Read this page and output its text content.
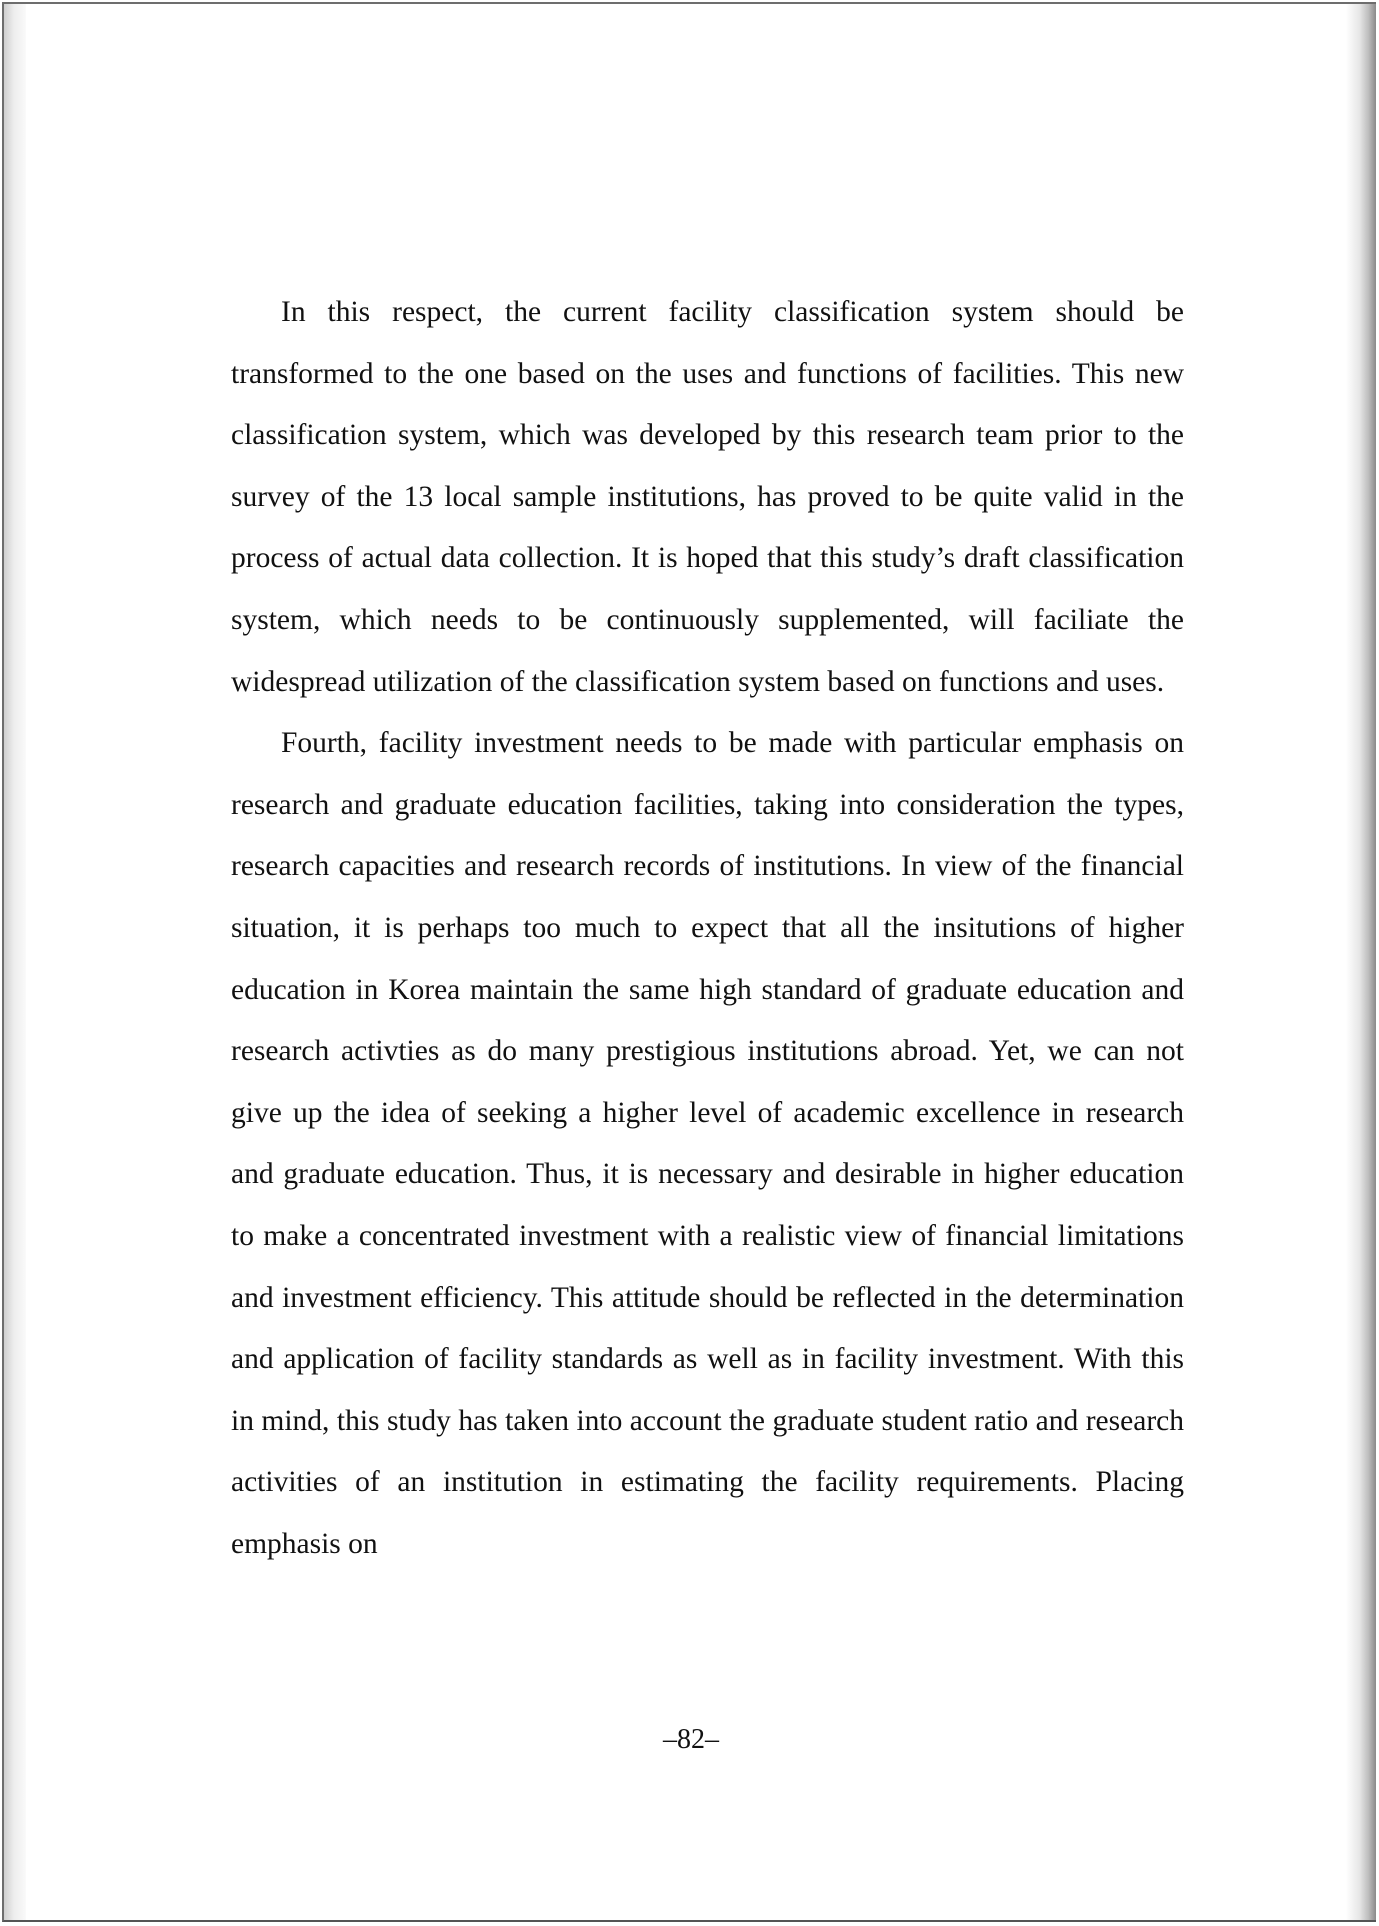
In this respect, the current facility classification system should be transformed to the one based on the uses and functions of facilities. This new classification system, which was developed by this research team prior to the survey of the 13 local sample institutions, has proved to be quite valid in the process of actual data collection. It is hoped that this study’s draft classification system, which needs to be continuously supplemented, will faciliate the widespread utilization of the classification system based on functions and uses.

Fourth, facility investment needs to be made with particular emphasis on research and graduate education facilities, taking into consideration the types, research capacities and research records of institutions. In view of the financial situation, it is perhaps too much to expect that all the insitutions of higher education in Korea maintain the same high standard of graduate education and research activties as do many prestigious institutions abroad. Yet, we can not give up the idea of seeking a higher level of academic excellence in research and graduate education. Thus, it is necessary and desirable in higher education to make a concentrated investment with a realistic view of financial limitations and investment efficiency. This attitude should be reflected in the determination and application of facility standards as well as in facility investment. With this in mind, this study has taken into account the graduate student ratio and research activities of an institution in estimating the facility requirements. Placing emphasis on

–82–
